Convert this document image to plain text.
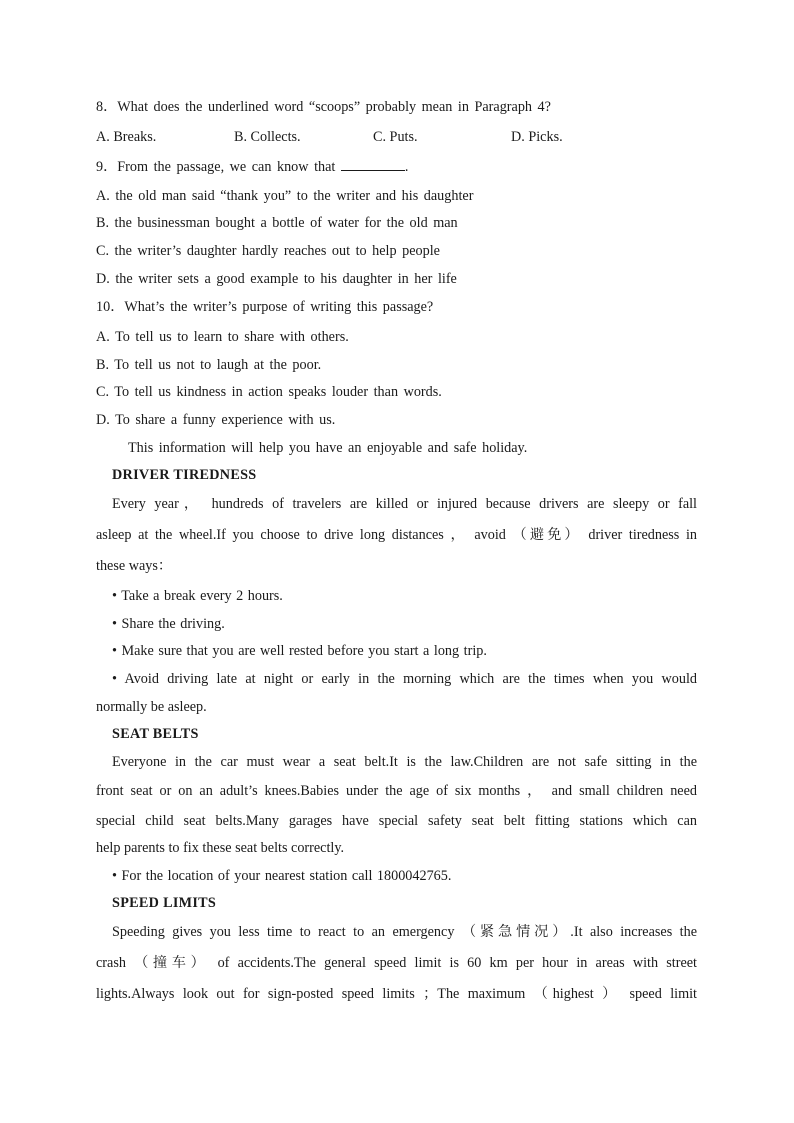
8．What does the underlined word “scoops” probably mean in Paragraph 4?
A. Breaks.	B. Collects.	C. Puts.	D. Picks.
9．From the passage, we can know that	.
A. the old man said “thank you” to the writer and his daughter
B. the businessman bought a bottle of water for the old man
C. the writer’s daughter hardly reaches out to help people
D. the writer sets a good example to his daughter in her life
10．What’s the writer’s purpose of writing this passage?
A. To tell us to learn to share with others.
B. To tell us not to laugh at the poor.
C. To tell us kindness in action speaks louder than words.
D. To share a funny experience with us.
This information will help you have an enjoyable and safe holiday.
DRIVER TIREDNESS
Every year， hundreds of travelers are killed or injured because drivers are sleepy or fall
asleep at the wheel.If you choose to drive long distances ， avoid （避免） driver tiredness in
these ways：
• Take a break every 2 hours.
• Share the driving.
• Make sure that you are well rested before you start a long trip.
• Avoid driving late at night or early in the morning which are the times when you would
normally be asleep.
SEAT BELTS
Everyone in the car must wear a seat belt.It is the law.Children are not safe sitting in the
front seat or on an adult’s knees.Babies under the age of six months ， and small children need
special child seat belts.Many garages have special safety seat belt fitting stations which can
help parents to fix these seat belts correctly.
• For the location of your nearest station call 1800042765.
SPEED LIMITS
Speeding gives you less time to react to an emergency （紧急情况）.It also increases the
crash （撞车） of accidents.The general speed limit is 60 km per hour in areas with street
lights.Always look out for sign-posted speed limits ；The maximum （highest ） speed limit
